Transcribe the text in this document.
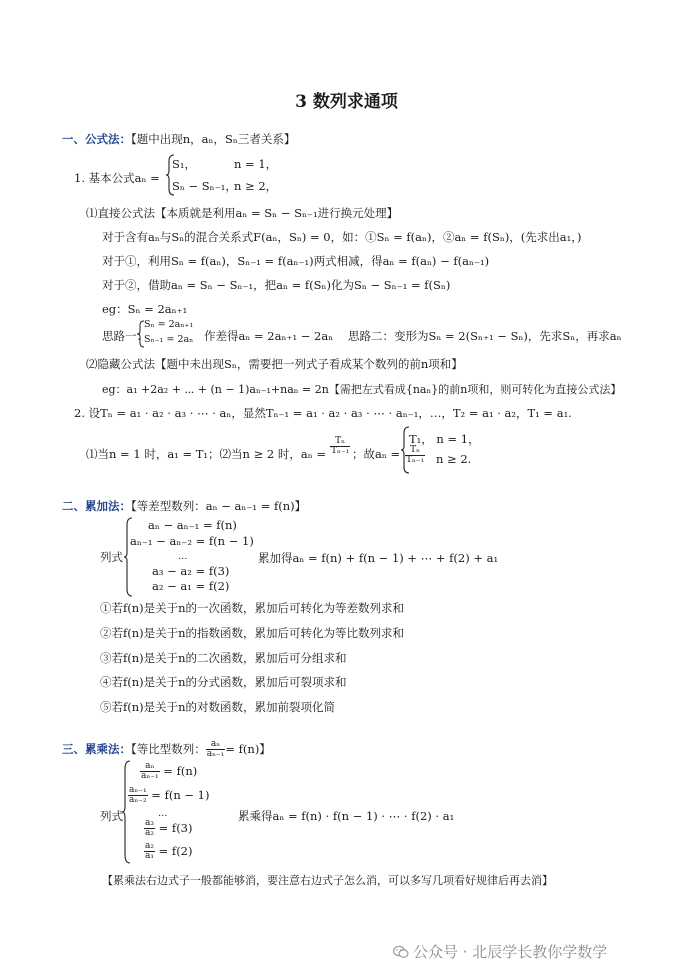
3 数列求通项
一、公式法：【题中出现n，aₙ，Sₙ三者关系】
1. 基本公式aₙ =
S₁，	n = 1，
Sₙ − Sₙ₋₁，
n ≥ 2，
⑴直接公式法【本质就是利用aₙ = Sₙ − Sₙ₋₁进行换元处理】
对于含有aₙ与Sₙ的混合关系式F(aₙ，Sₙ) = 0，如：①Sₙ = f(aₙ)，②aₙ = f(Sₙ)，(先求出a₁，)
对于①，利用Sₙ = f(aₙ)，Sₙ₋₁ = f(aₙ₋₁)两式相减，得aₙ = f(aₙ) − f(aₙ₋₁)
对于②，借助aₙ = Sₙ − Sₙ₋₁，把aₙ = f(Sₙ)化为Sₙ − Sₙ₋₁ = f(Sₙ)
eg：Sₙ = 2aₙ₊₁
思路一：
Sₙ = 2aₙ₊₁
Sₙ₋₁ = 2aₙ 作差得aₙ = 2aₙ₊₁ − 2aₙ 思路二：变形为Sₙ = 2(Sₙ₊₁ − Sₙ)，先求Sₙ，再求aₙ
⑵隐藏公式法【题中未出现Sₙ，需要把一列式子看成某个数列的前n项和】
eg：a₁ +2a₂ + ⋯ + (n − 1)aₙ₋₁+naₙ = 2n【需把左式看成{naₙ}的前n项和，则可转化为直接公式法】
2. 设Tₙ = a₁ · a₂ · a₃ · ⋯ · aₙ，显然Tₙ₋₁ = a₁ · a₂ · a₃ · ⋯ · aₙ₋₁，…，T₂ = a₁ · a₂，T₁ = a₁.
⑴当n = 1 时，a₁ = T₁；⑵当n ≥ 2 时，$a_n = \frac{\text{Tₙ}}{\text{Tₙ₋₁}}$ ；故aₙ =
T₁， n = 1，
$\frac{\text{Tₙ}}{\text{Tₙ₋₁}}$ n ≥ 2.
二、累加法：【等差型数列：aₙ − aₙ₋₁ = f(n)】
列式
aₙ − aₙ₋₁ = f(n)
aₙ₋₁ − aₙ₋₂ = f(n − 1)
…
a₃ − a₂ = f(3)
a₂ − a₁ = f(2)
累加得aₙ = f(n) + f(n − 1) + ⋯ + f(2) + a₁
①若f(n)是关于n的一次函数，累加后可转化为等差数列求和
②若f(n)是关于n的指数函数，累加后可转化为等比数列求和
③若f(n)是关于n的二次函数，累加后可分组求和
④若f(n)是关于n的分式函数，累加后可裂项求和
⑤若f(n)是关于n的对数函数，累加前裂项化简
三、累乘法：【等比型数列： $\frac{\text{aₙ}}{\text{aₙ₋₁}} = f(n)$】
列式
$\frac{\text{aₙ}}{\text{aₙ₋₁}} = f(n)$
$\frac{\text{aₙ₋₁}}{\text{aₙ₋₂}} = f(n - 1)$
…
$\frac{\text{a₃}}{\text{a₂}} = f(3)$
$\frac{\text{a₂}}{\text{a₁}} = f(2)$
累乘得aₙ = f(n) · f(n − 1) · ⋯ · f(2) · a₁
【累乘法右边式子一般都能够消，要注意右边式子怎么消，可以多写几项看好规律后再去消】
公众号 · 北辰学长教你学数学
